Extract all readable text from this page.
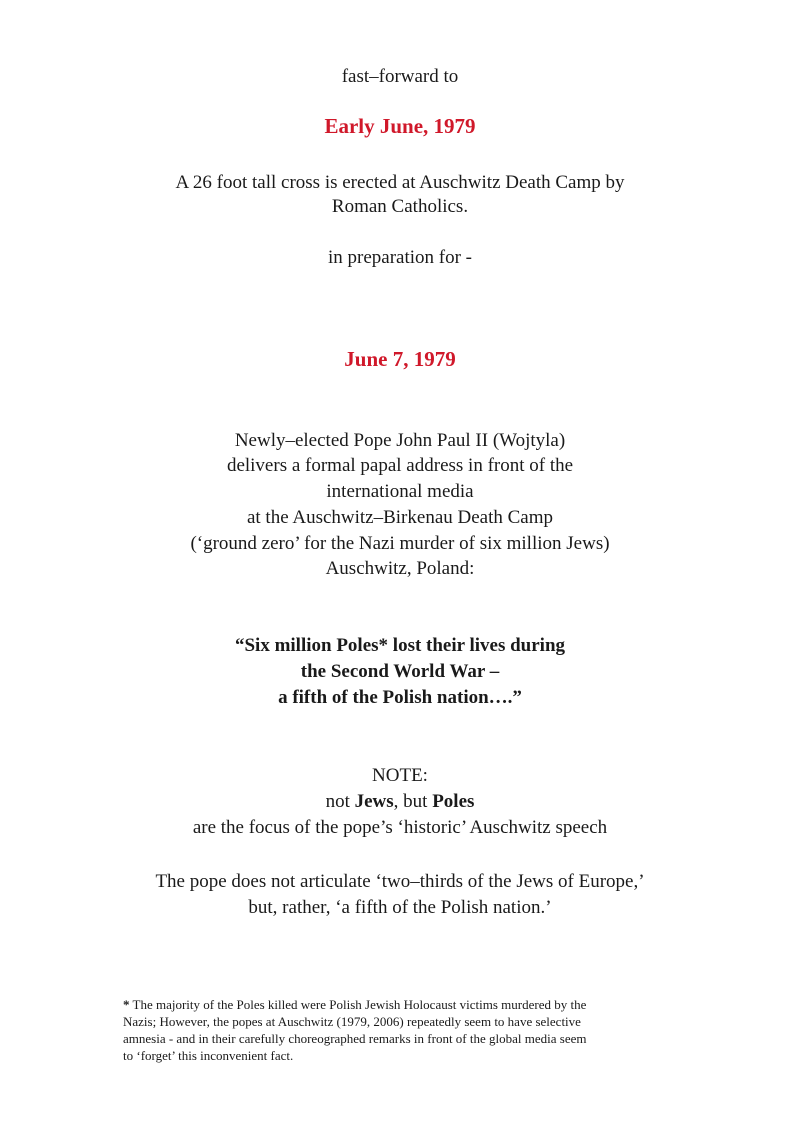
fast–forward to
Early June, 1979
A 26 foot tall cross is erected at Auschwitz Death Camp by
Roman Catholics.
in preparation for -
June 7, 1979
Newly–elected Pope John Paul II (Wojtyla)
delivers a formal papal address in front of the
international media
at the Auschwitz–Birkenau Death Camp
(‘ground zero’ for the Nazi murder of six million Jews)
Auschwitz, Poland:
“Six million Poles* lost their lives during
the Second World War –
a fifth of the Polish nation….”
NOTE:
not Jews, but Poles
are the focus of the pope’s ‘historic’ Auschwitz speech
The pope does not articulate ‘two–thirds of the Jews of Europe,’
but, rather, ‘a fifth of the Polish nation.’
* The majority of the Poles killed were Polish Jewish Holocaust victims murdered by the
Nazis; However, the popes at Auschwitz (1979, 2006) repeatedly seem to have selective
amnesia - and in their carefully choreographed remarks in front of the global media seem
to ‘forget’ this inconvenient fact.
